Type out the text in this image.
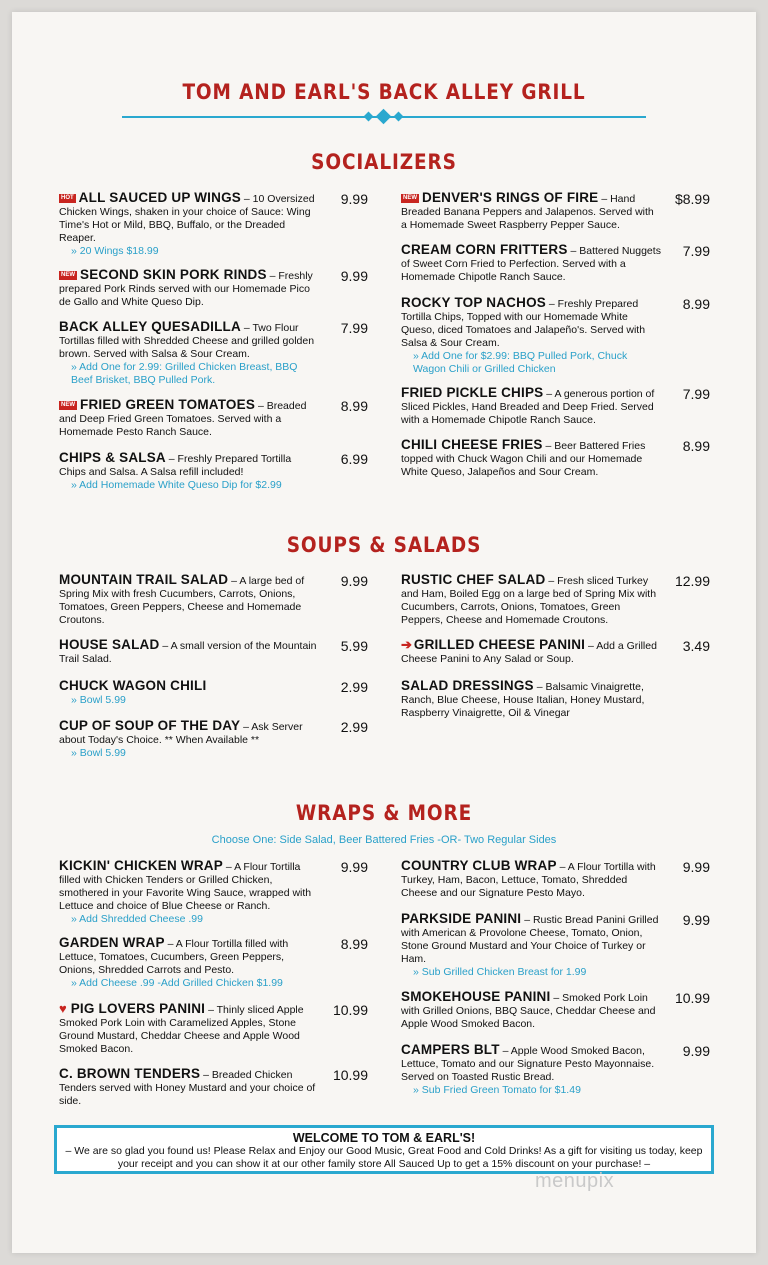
TOM AND EARL'S BACK ALLEY GRILL
SOCIALIZERS
HOT ALL SAUCED UP WINGS – 10 Oversized Chicken Wings, shaken in your choice of Sauce: Wing Time's Hot or Mild, BBQ, Buffalo, or the Dreaded Reaper.
» 20 Wings $18.99
9.99
NEW SECOND SKIN PORK RINDS – Freshly prepared Pork Rinds served with our Homemade Pico de Gallo and White Queso Dip.
9.99
BACK ALLEY QUESADILLA – Two Flour Tortillas filled with Shredded Cheese and grilled golden brown. Served with Salsa & Sour Cream.
» Add One for 2.99: Grilled Chicken Breast, BBQ Beef Brisket, BBQ Pulled Pork.
7.99
NEW FRIED GREEN TOMATOES – Breaded and Deep Fried Green Tomatoes. Served with a Homemade Pesto Ranch Sauce.
8.99
CHIPS & SALSA – Freshly Prepared Tortilla Chips and Salsa. A Salsa refill included!
» Add Homemade White Queso Dip for $2.99
6.99
NEW DENVER'S RINGS OF FIRE – Hand Breaded Banana Peppers and Jalapenos. Served with a Homemade Sweet Raspberry Pepper Sauce.
$8.99
CREAM CORN FRITTERS – Battered Nuggets of Sweet Corn Fried to Perfection. Served with a Homemade Chipotle Ranch Sauce.
7.99
ROCKY TOP NACHOS – Freshly Prepared Tortilla Chips, Topped with our Homemade White Queso, diced Tomatoes and Jalapeño's. Served with Salsa & Sour Cream.
» Add One for $2.99: BBQ Pulled Pork, Chuck Wagon Chili or Grilled Chicken
8.99
FRIED PICKLE CHIPS – A generous portion of Sliced Pickles, Hand Breaded and Deep Fried. Served with a Homemade Chipotle Ranch Sauce.
7.99
CHILI CHEESE FRIES – Beer Battered Fries topped with Chuck Wagon Chili and our Homemade White Queso, Jalapeños and Sour Cream.
8.99
SOUPS & SALADS
MOUNTAIN TRAIL SALAD – A large bed of Spring Mix with fresh Cucumbers, Carrots, Onions, Tomatoes, Green Peppers, Cheese and Homemade Croutons.
9.99
HOUSE SALAD – A small version of the Mountain Trail Salad.
5.99
CHUCK WAGON CHILI
» Bowl 5.99
2.99
CUP OF SOUP OF THE DAY – Ask Server about Today's Choice. ** When Available **
» Bowl 5.99
2.99
RUSTIC CHEF SALAD – Fresh sliced Turkey and Ham, Boiled Egg on a large bed of Spring Mix with Cucumbers, Carrots, Onions, Tomatoes, Green Peppers, Cheese and Homemade Croutons.
12.99
➔ GRILLED CHEESE PANINI – Add a Grilled Cheese Panini to Any Salad or Soup.
3.49
SALAD DRESSINGS – Balsamic Vinaigrette, Ranch, Blue Cheese, House Italian, Honey Mustard, Raspberry Vinaigrette, Oil & Vinegar
WRAPS & MORE
Choose One: Side Salad, Beer Battered Fries -OR- Two Regular Sides
KICKIN' CHICKEN WRAP – A Flour Tortilla filled with Chicken Tenders or Grilled Chicken, smothered in your Favorite Wing Sauce, wrapped with Lettuce and choice of Blue Cheese or Ranch.
» Add Shredded Cheese .99
9.99
GARDEN WRAP – A Flour Tortilla filled with Lettuce, Tomatoes, Cucumbers, Green Peppers, Onions, Shredded Carrots and Pesto.
» Add Cheese .99 -Add Grilled Chicken $1.99
8.99
♥ PIG LOVERS PANINI – Thinly sliced Apple Smoked Pork Loin with Caramelized Apples, Stone Ground Mustard, Cheddar Cheese and Apple Wood Smoked Bacon.
10.99
C. BROWN TENDERS – Breaded Chicken Tenders served with Honey Mustard and your choice of side.
10.99
COUNTRY CLUB WRAP – A Flour Tortilla with Turkey, Ham, Bacon, Lettuce, Tomato, Shredded Cheese and our Signature Pesto Mayo.
9.99
PARKSIDE PANINI – Rustic Bread Panini Grilled with American & Provolone Cheese, Tomato, Onion, Stone Ground Mustard and Your Choice of Turkey or Ham.
» Sub Grilled Chicken Breast for 1.99
9.99
SMOKEHOUSE PANINI – Smoked Pork Loin with Grilled Onions, BBQ Sauce, Cheddar Cheese and Apple Wood Smoked Bacon.
10.99
CAMPERS BLT – Apple Wood Smoked Bacon, Lettuce, Tomato and our Signature Pesto Mayonnaise. Served on Toasted Rustic Bread.
» Sub Fried Green Tomato for $1.49
9.99
WELCOME TO TOM & EARL'S!
– We are so glad you found us! Please Relax and Enjoy our Good Music, Great Food and Cold Drinks! As a gift for visiting us today, keep your receipt and you can show it at our other family store All Sauced Up to get a 15% discount on your purchase! –
menupix
